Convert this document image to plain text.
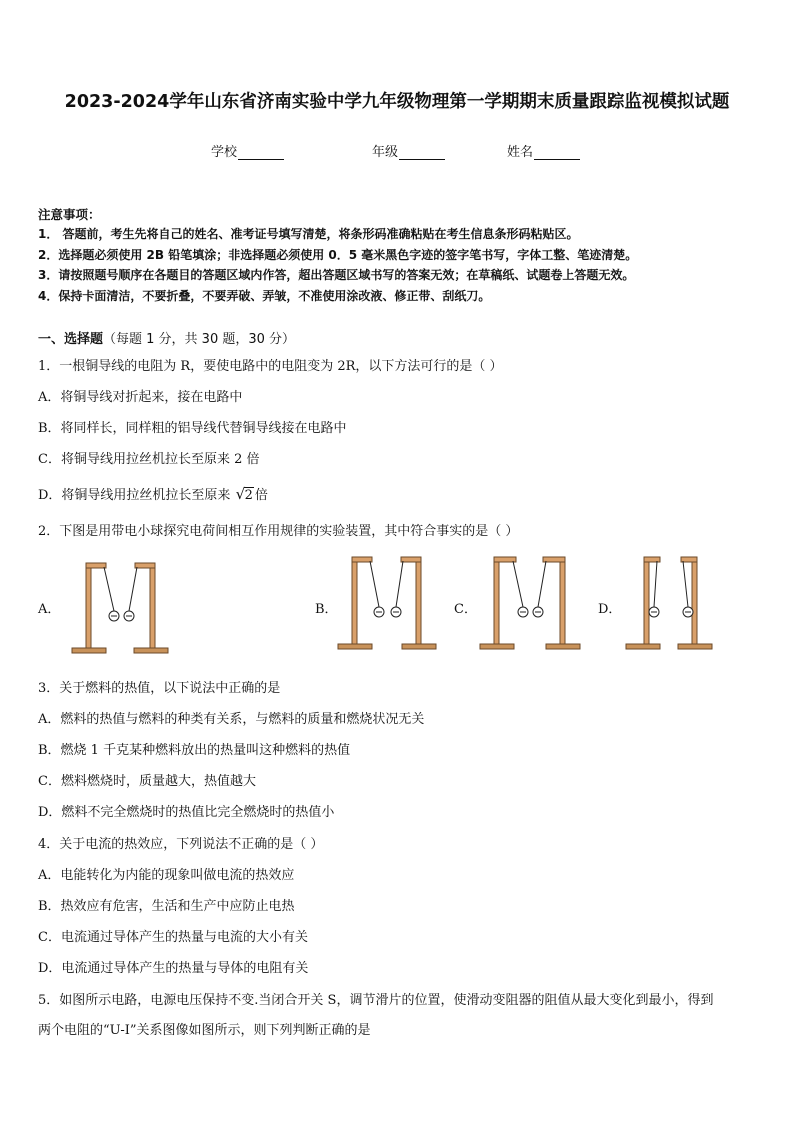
2023-2024学年山东省济南实验中学九年级物理第一学期期末质量跟踪监视模拟试题
学校	年级	姓名
注意事项：
1． 答题前，考生先将自己的姓名、准考证号填写清楚，将条形码准确粘贴在考生信息条形码粘贴区。
2．选择题必须使用 2B 铅笔填涂；非选择题必须使用 0．5 毫米黑色字迹的签字笔书写，字体工整、笔迹清楚。
3．请按照题号顺序在各题目的答题区域内作答，超出答题区域书写的答案无效；在草稿纸、试题卷上答题无效。
4．保持卡面清洁，不要折叠，不要弄破、弄皱，不准使用涂改液、修正带、刮纸刀。
一、选择题（每题 1 分，共 30 题，30 分）
1．一根铜导线的电阻为 R，要使电路中的电阻变为 2R，以下方法可行的是（ ）
A．将铜导线对折起来，接在电路中
B．将同样长，同样粗的铝导线代替铜导线接在电路中
C．将铜导线用拉丝机拉长至原来 2 倍
D．将铜导线用拉丝机拉长至原来 √ 2 倍
2．下图是用带电小球探究电荷间相互作用规律的实验装置，其中符合事实的是（ ）
A．	B．	C．	D．
3．关于燃料的热值，以下说法中正确的是
A．燃料的热值与燃料的种类有关系，与燃料的质量和燃烧状况无关
B．燃烧 1 千克某种燃料放出的热量叫这种燃料的热值
C．燃料燃烧时，质量越大，热值越大
D．燃料不完全燃烧时的热值比完全燃烧时的热值小
4．关于电流的热效应，下列说法不正确的是（ ）
A．电能转化为内能的现象叫做电流的热效应
B．热效应有危害，生活和生产中应防止电热
C．电流通过导体产生的热量与电流的大小有关
D．电流通过导体产生的热量与导体的电阻有关
5．如图所示电路，电源电压保持不变.当闭合开关 S，调节滑片的位置，使滑动变阻器的阻值从最大变化到最小，得到
两个电阻的“U-I”关系图像如图所示，则下列判断正确的是
